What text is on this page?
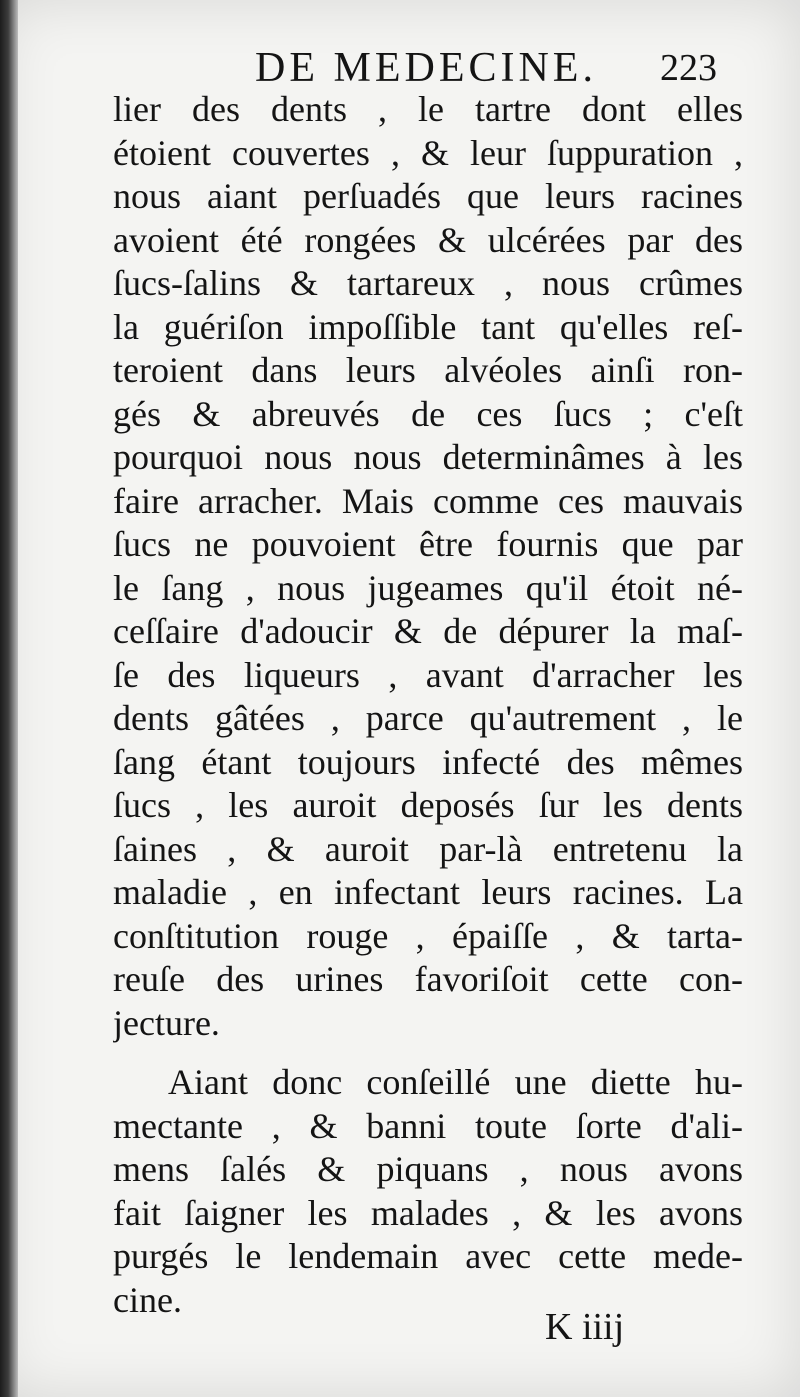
DE MEDECINE.	223
lier des dents , le tartre dont elles
étoient couvertes , & leur ſuppuration ,
nous aiant perſuadés que leurs racines
avoient été rongées & ulcérées par des
ſucs-ſalins & tartareux , nous crûmes
la guériſon impoſſible tant qu'elles reſ-
teroient dans leurs alvéoles ainſi ron-
gés & abreuvés de ces ſucs ; c'eſt
pourquoi nous nous determinâmes à les
faire arracher. Mais comme ces mauvais
ſucs ne pouvoient être fournis que par
le ſang , nous jugeames qu'il étoit né-
ceſſaire d'adoucir & de dépurer la maſ-
ſe des liqueurs , avant d'arracher les
dents gâtées , parce qu'autrement , le
ſang étant toujours infecté des mêmes
ſucs , les auroit deposés ſur les dents
ſaines , & auroit par-là entretenu la
maladie , en infectant leurs racines. La
conſtitution rouge , épaiſſe , & tarta-
reuſe des urines favoriſoit cette con-
jecture.
Aiant donc conſeillé une diette hu-
mectante , & banni toute ſorte d'ali-
mens ſalés & piquans , nous avons
fait ſaigner les malades , & les avons
purgés le lendemain avec cette mede-
cine.
K iiij
